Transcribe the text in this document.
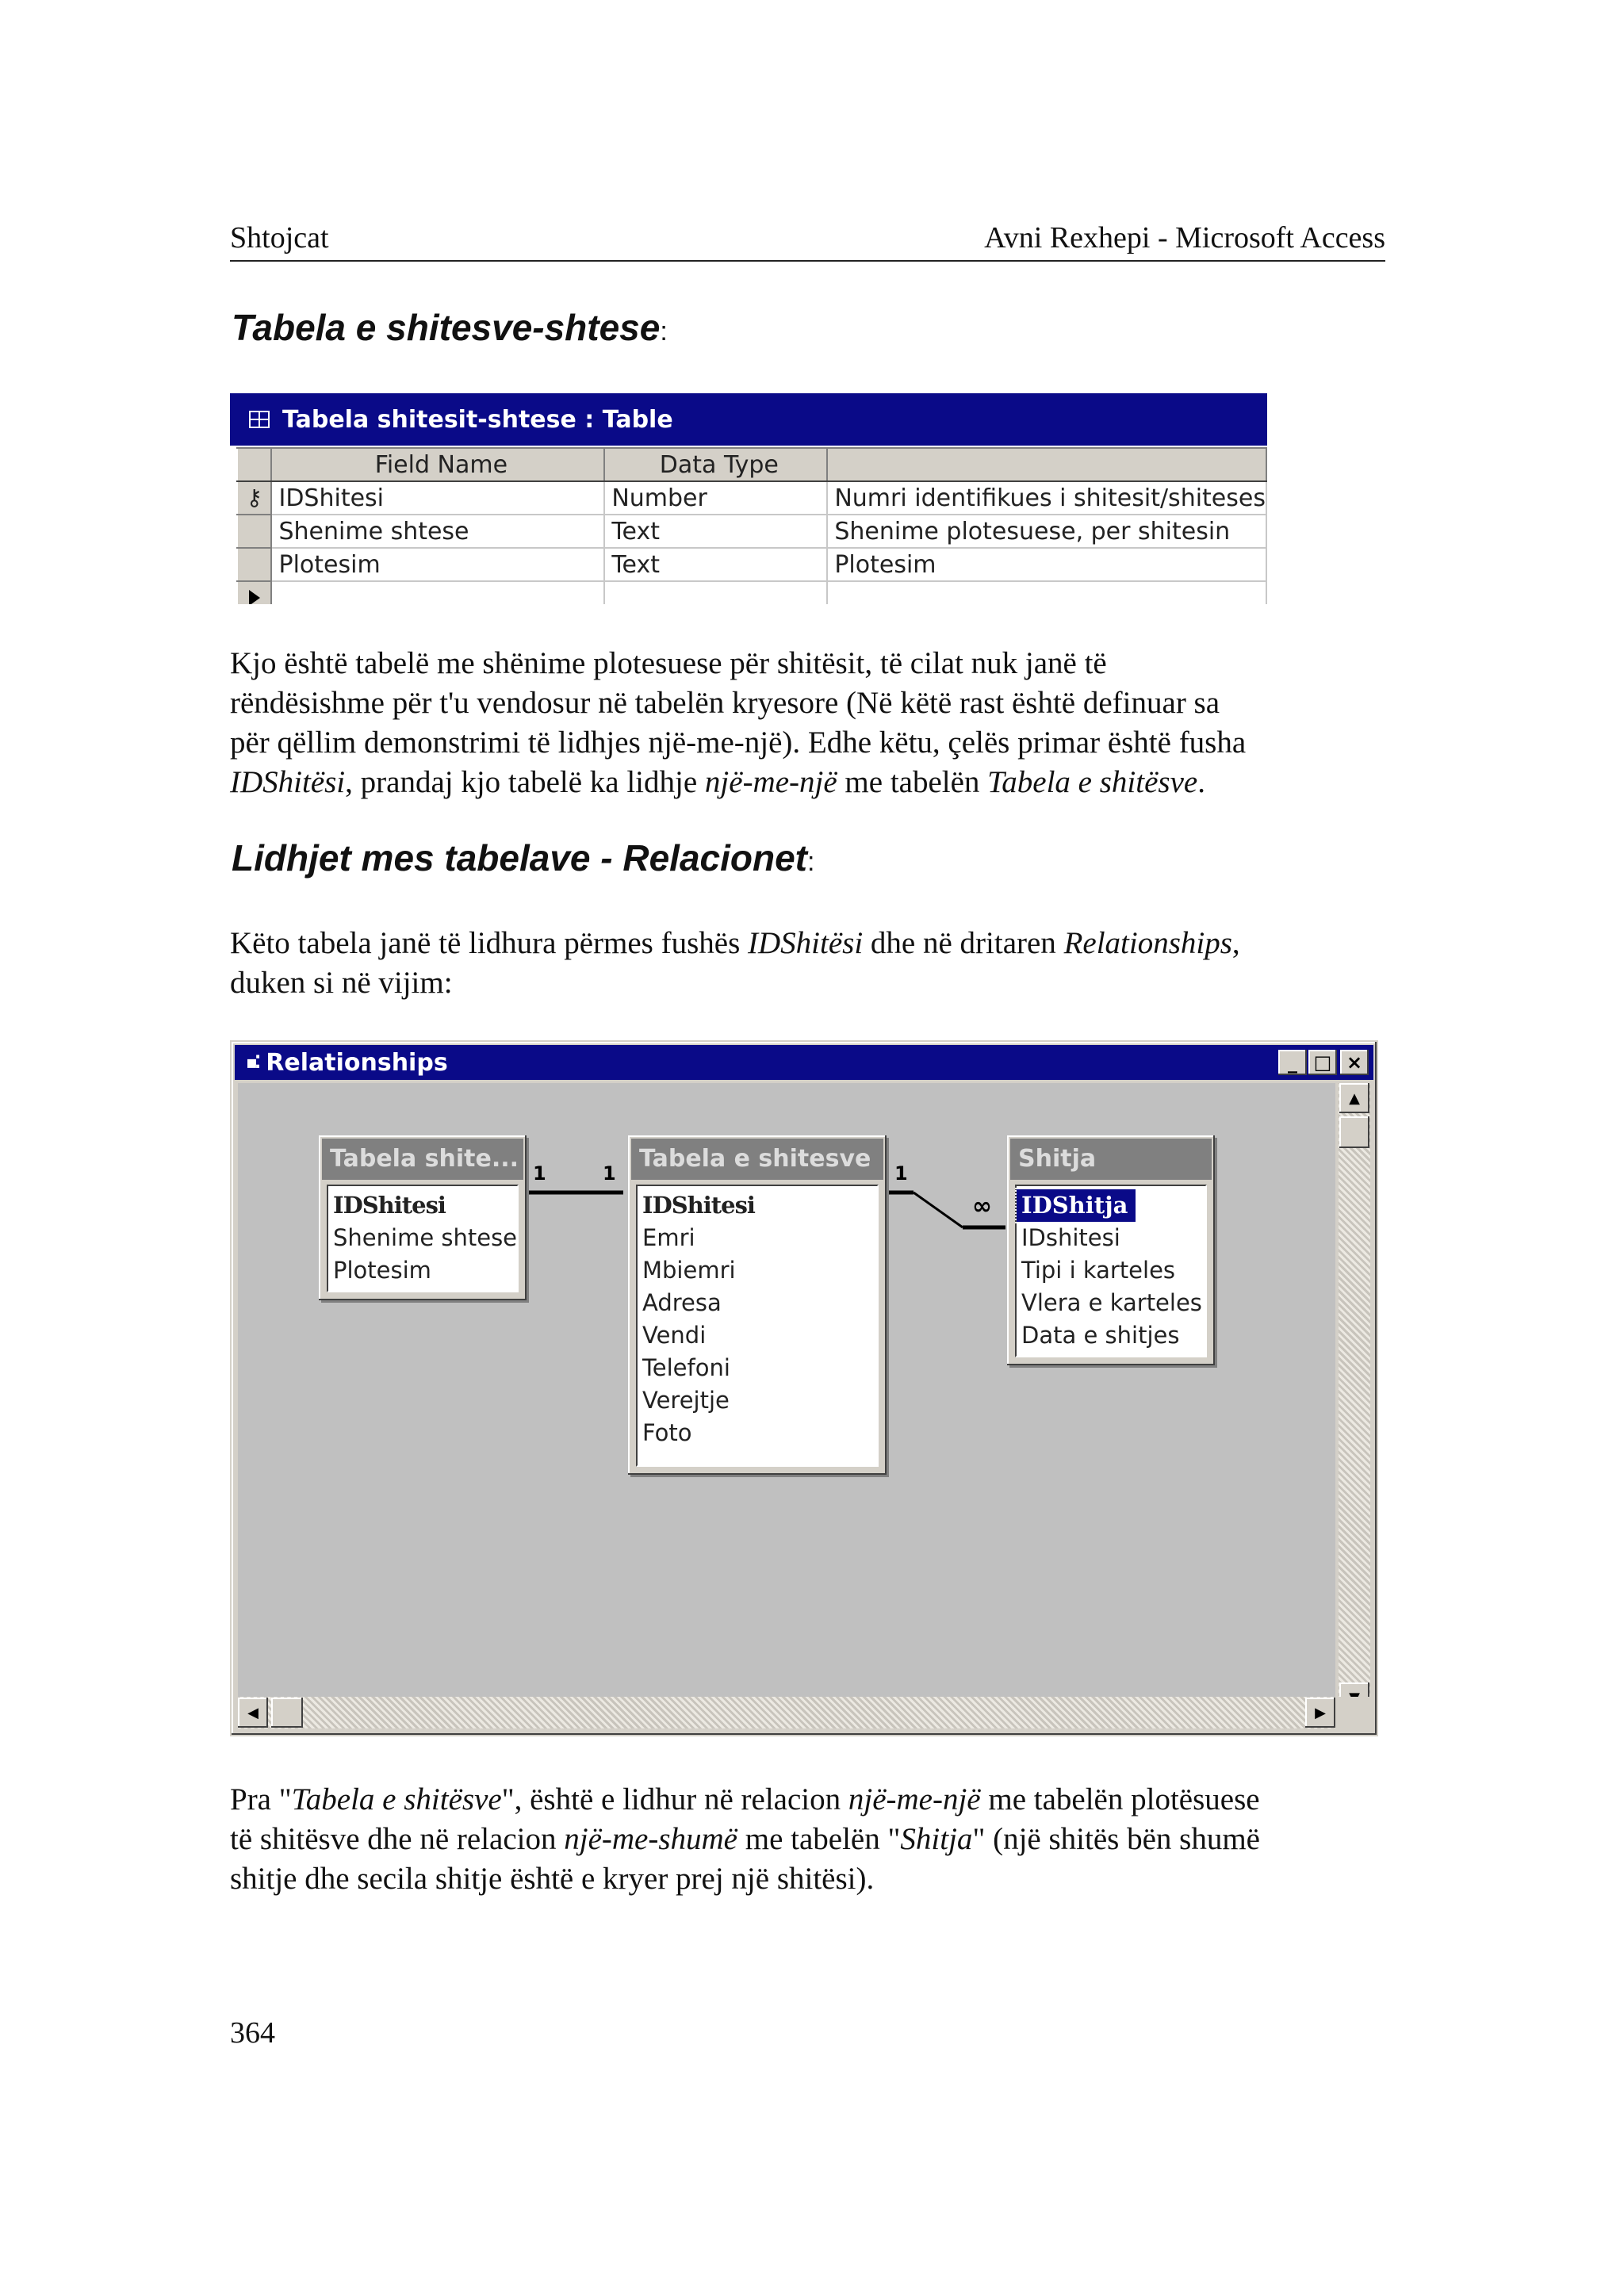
Shtojcat	Avni Rexhepi - Microsoft Access
Tabela e shitesve-shtese:
Tabela shitesit-shtese : Table
	Field Name	Data Type	
⚷	IDShitesi	Number	Numri identifikues i shitesit/shiteses
	Shenime shtese	Text	Shenime plotesuese, per shitesin
	Plotesim	Text	Plotesim

Kjo është tabelë me shënime plotesuese për shitësit, të cilat nuk janë të

rëndësishme për t'u vendosur në tabelën kryesore (Në këtë rast është definuar sa

për qëllim demonstrimi të lidhjes një-me-një). Edhe këtu, çelës primar është fusha

IDShitësi, prandaj kjo tabelë ka lidhje një-me-një me tabelën Tabela e shitësve.

Lidhjet mes tabelave - Relacionet:

Këto tabela janë të lidhura përmes fushës IDShitësi dhe në dritaren Relationships,

duken si në vijim:

▪⁚ Relationships	_ □ ×
1	1	1
∞
Tabela shite...
IDShitesi
Shenime shtese
Plotesim
Tabela e shitesve
IDShitesi
Emri
Mbiemri
Adresa
Vendi
Telefoni
Verejtje
Foto
Shitja
IDShitja
IDshitesi
Tipi i karteles
Vlera e karteles
Data e shitjes
▲
◀	▶

Pra "Tabela e shitësve", është e lidhur në relacion një-me-një me tabelën plotësuese

të shitësve dhe në relacion një-me-shumë me tabelën "Shitja" (një shitës bën shumë

shitje dhe secila shitje është e kryer prej një shitësi).

364
